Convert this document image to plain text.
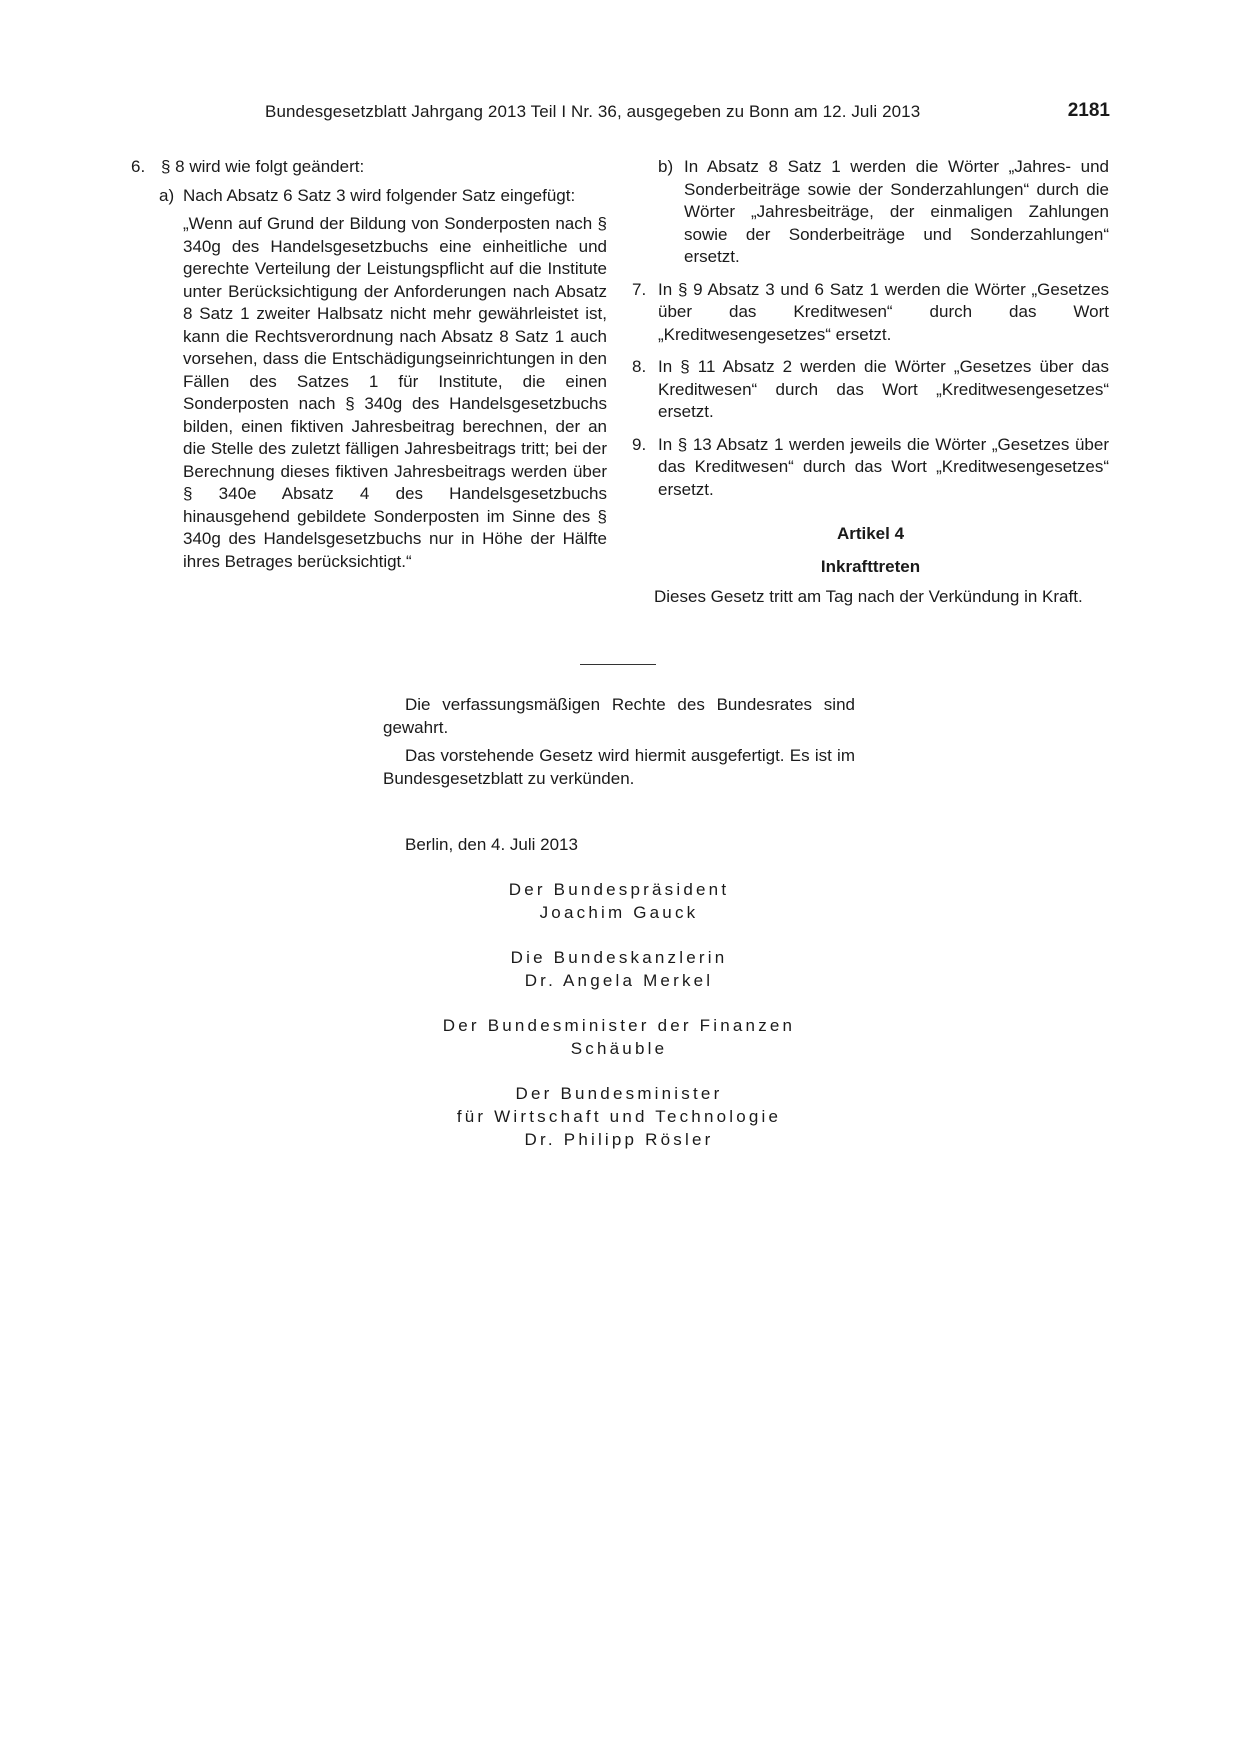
Bundesgesetzblatt Jahrgang 2013 Teil I Nr. 36, ausgegeben zu Bonn am 12. Juli 2013	2181
6. § 8 wird wie folgt geändert:
a) Nach Absatz 6 Satz 3 wird folgender Satz eingefügt:
„Wenn auf Grund der Bildung von Sonderposten nach § 340g des Handelsgesetzbuchs eine einheitliche und gerechte Verteilung der Leistungspflicht auf die Institute unter Berücksichtigung der Anforderungen nach Absatz 8 Satz 1 zweiter Halbsatz nicht mehr gewährleistet ist, kann die Rechtsverordnung nach Absatz 8 Satz 1 auch vorsehen, dass die Entschädigungseinrichtungen in den Fällen des Satzes 1 für Institute, die einen Sonderposten nach § 340g des Handelsgesetzbuchs bilden, einen fiktiven Jahresbeitrag berechnen, der an die Stelle des zuletzt fälligen Jahresbeitrags tritt; bei der Berechnung dieses fiktiven Jahresbeitrags werden über § 340e Absatz 4 des Handelsgesetzbuchs hinausgehend gebildete Sonderposten im Sinne des § 340g des Handelsgesetzbuchs nur in Höhe der Hälfte ihres Betrages berücksichtigt.“
b) In Absatz 8 Satz 1 werden die Wörter „Jahres- und Sonderbeiträge sowie der Sonderzahlungen“ durch die Wörter „Jahresbeiträge, der einmaligen Zahlungen sowie der Sonderbeiträge und Sonderzahlungen“ ersetzt.
7. In § 9 Absatz 3 und 6 Satz 1 werden die Wörter „Gesetzes über das Kreditwesen“ durch das Wort „Kreditwesengesetzes“ ersetzt.
8. In § 11 Absatz 2 werden die Wörter „Gesetzes über das Kreditwesen“ durch das Wort „Kreditwesengesetzes“ ersetzt.
9. In § 13 Absatz 1 werden jeweils die Wörter „Gesetzes über das Kreditwesen“ durch das Wort „Kreditwesengesetzes“ ersetzt.
Artikel 4
Inkrafttreten
Dieses Gesetz tritt am Tag nach der Verkündung in Kraft.

Die verfassungsmäßigen Rechte des Bundesrates sind gewahrt.

Das vorstehende Gesetz wird hiermit ausgefertigt. Es ist im Bundesgesetzblatt zu verkünden.

Berlin, den 4. Juli 2013
Der Bundespräsident
Joachim Gauck
Die Bundeskanzlerin
Dr. Angela Merkel
Der Bundesminister der Finanzen
Schäuble
Der Bundesminister
für Wirtschaft und Technologie
Dr. Philipp Rösler
